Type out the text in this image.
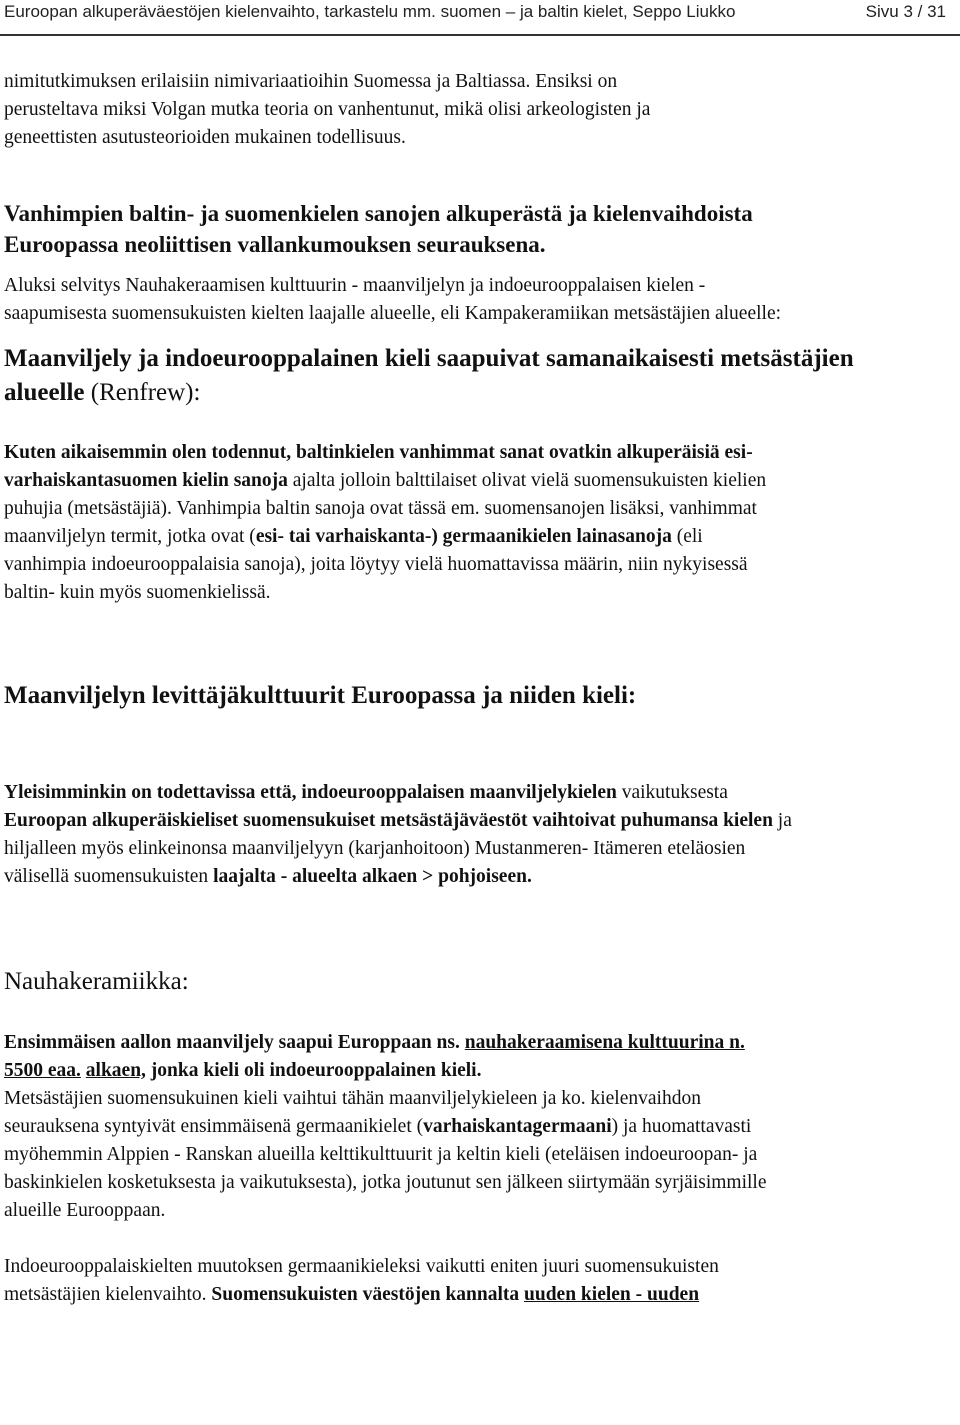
Euroopan alkuperäväestöjen kielenvaihto, tarkastelu mm. suomen – ja baltin kielet, Seppo Liukko	Sivu 3 / 31

nimitutkimuksen erilaisiin nimivariaatioihin Suomessa ja Baltiassa. Ensiksi on

perusteltava miksi Volgan mutka teoria on vanhentunut, mikä olisi arkeologisten ja

geneettisten asutusteorioiden mukainen todellisuus.

Vanhimpien baltin- ja suomenkielen sanojen alkuperästä ja kielenvaihdoista

Euroopassa neoliittisen vallankumouksen seurauksena.

Aluksi selvitys Nauhakeraamisen kulttuurin - maanviljelyn ja indoeurooppalaisen kielen -

saapumisesta suomensukuisten kielten laajalle alueelle, eli Kampakeramiikan metsästäjien alueelle:

Maanviljely ja indoeurooppalainen kieli saapuivat samanaikaisesti metsästäjien

alueelle (Renfrew):

Kuten aikaisemmin olen todennut, baltinkielen vanhimmat sanat ovatkin alkuperäisiä esi-

varhaiskantasuomen kielin sanoja ajalta jolloin balttilaiset olivat vielä suomensukuisten kielien

puhujia (metsästäjiä). Vanhimpia baltin sanoja ovat tässä em. suomensanojen lisäksi, vanhimmat

maanviljelyn termit, jotka ovat (esi- tai varhaiskanta-) germaanikielen lainasanoja (eli

vanhimpia indoeurooppalaisia sanoja), joita löytyy vielä huomattavissa määrin, niin nykyisessä

baltin- kuin myös suomenkielissä.

Maanviljelyn levittäjäkulttuurit Euroopassa ja niiden kieli:

Yleisimminkin on todettavissa että, indoeurooppalaisen maanviljelykielen vaikutuksesta

Euroopan alkuperäiskieliset suomensukuiset metsästäjäväestöt vaihtoivat puhumansa kielen ja

hiljalleen myös elinkeinonsa maanviljelyyn (karjanhoitoon) Mustanmeren- Itämeren eteläosien

välisellä suomensukuisten laajalta - alueelta alkaen > pohjoiseen.

Nauhakeramiikka:

Ensimmäisen aallon maanviljely saapui Europpaan ns. nauhakeraamisena kulttuurina n.

5500 eaa. alkaen, jonka kieli oli indoeurooppalainen kieli.

Metsästäjien suomensukuinen kieli vaihtui tähän maanviljelykieleen ja ko. kielenvaihdon

seurauksena syntyivät ensimmäisenä germaanikielet (varhaiskantagermaani) ja huomattavasti

myöhemmin Alppien - Ranskan alueilla kelttikulttuurit ja keltin kieli (eteläisen indoeuroopan- ja

baskinkielen kosketuksesta ja vaikutuksesta), jotka joutunut sen jälkeen siirtymään syrjäisimmille

alueille Eurooppaan.

Indoeurooppalaiskielten muutoksen germaanikieleksi vaikutti eniten juuri suomensukuisten

metsästäjien kielenvaihto. Suomensukuisten väestöjen kannalta uuden kielen - uuden
